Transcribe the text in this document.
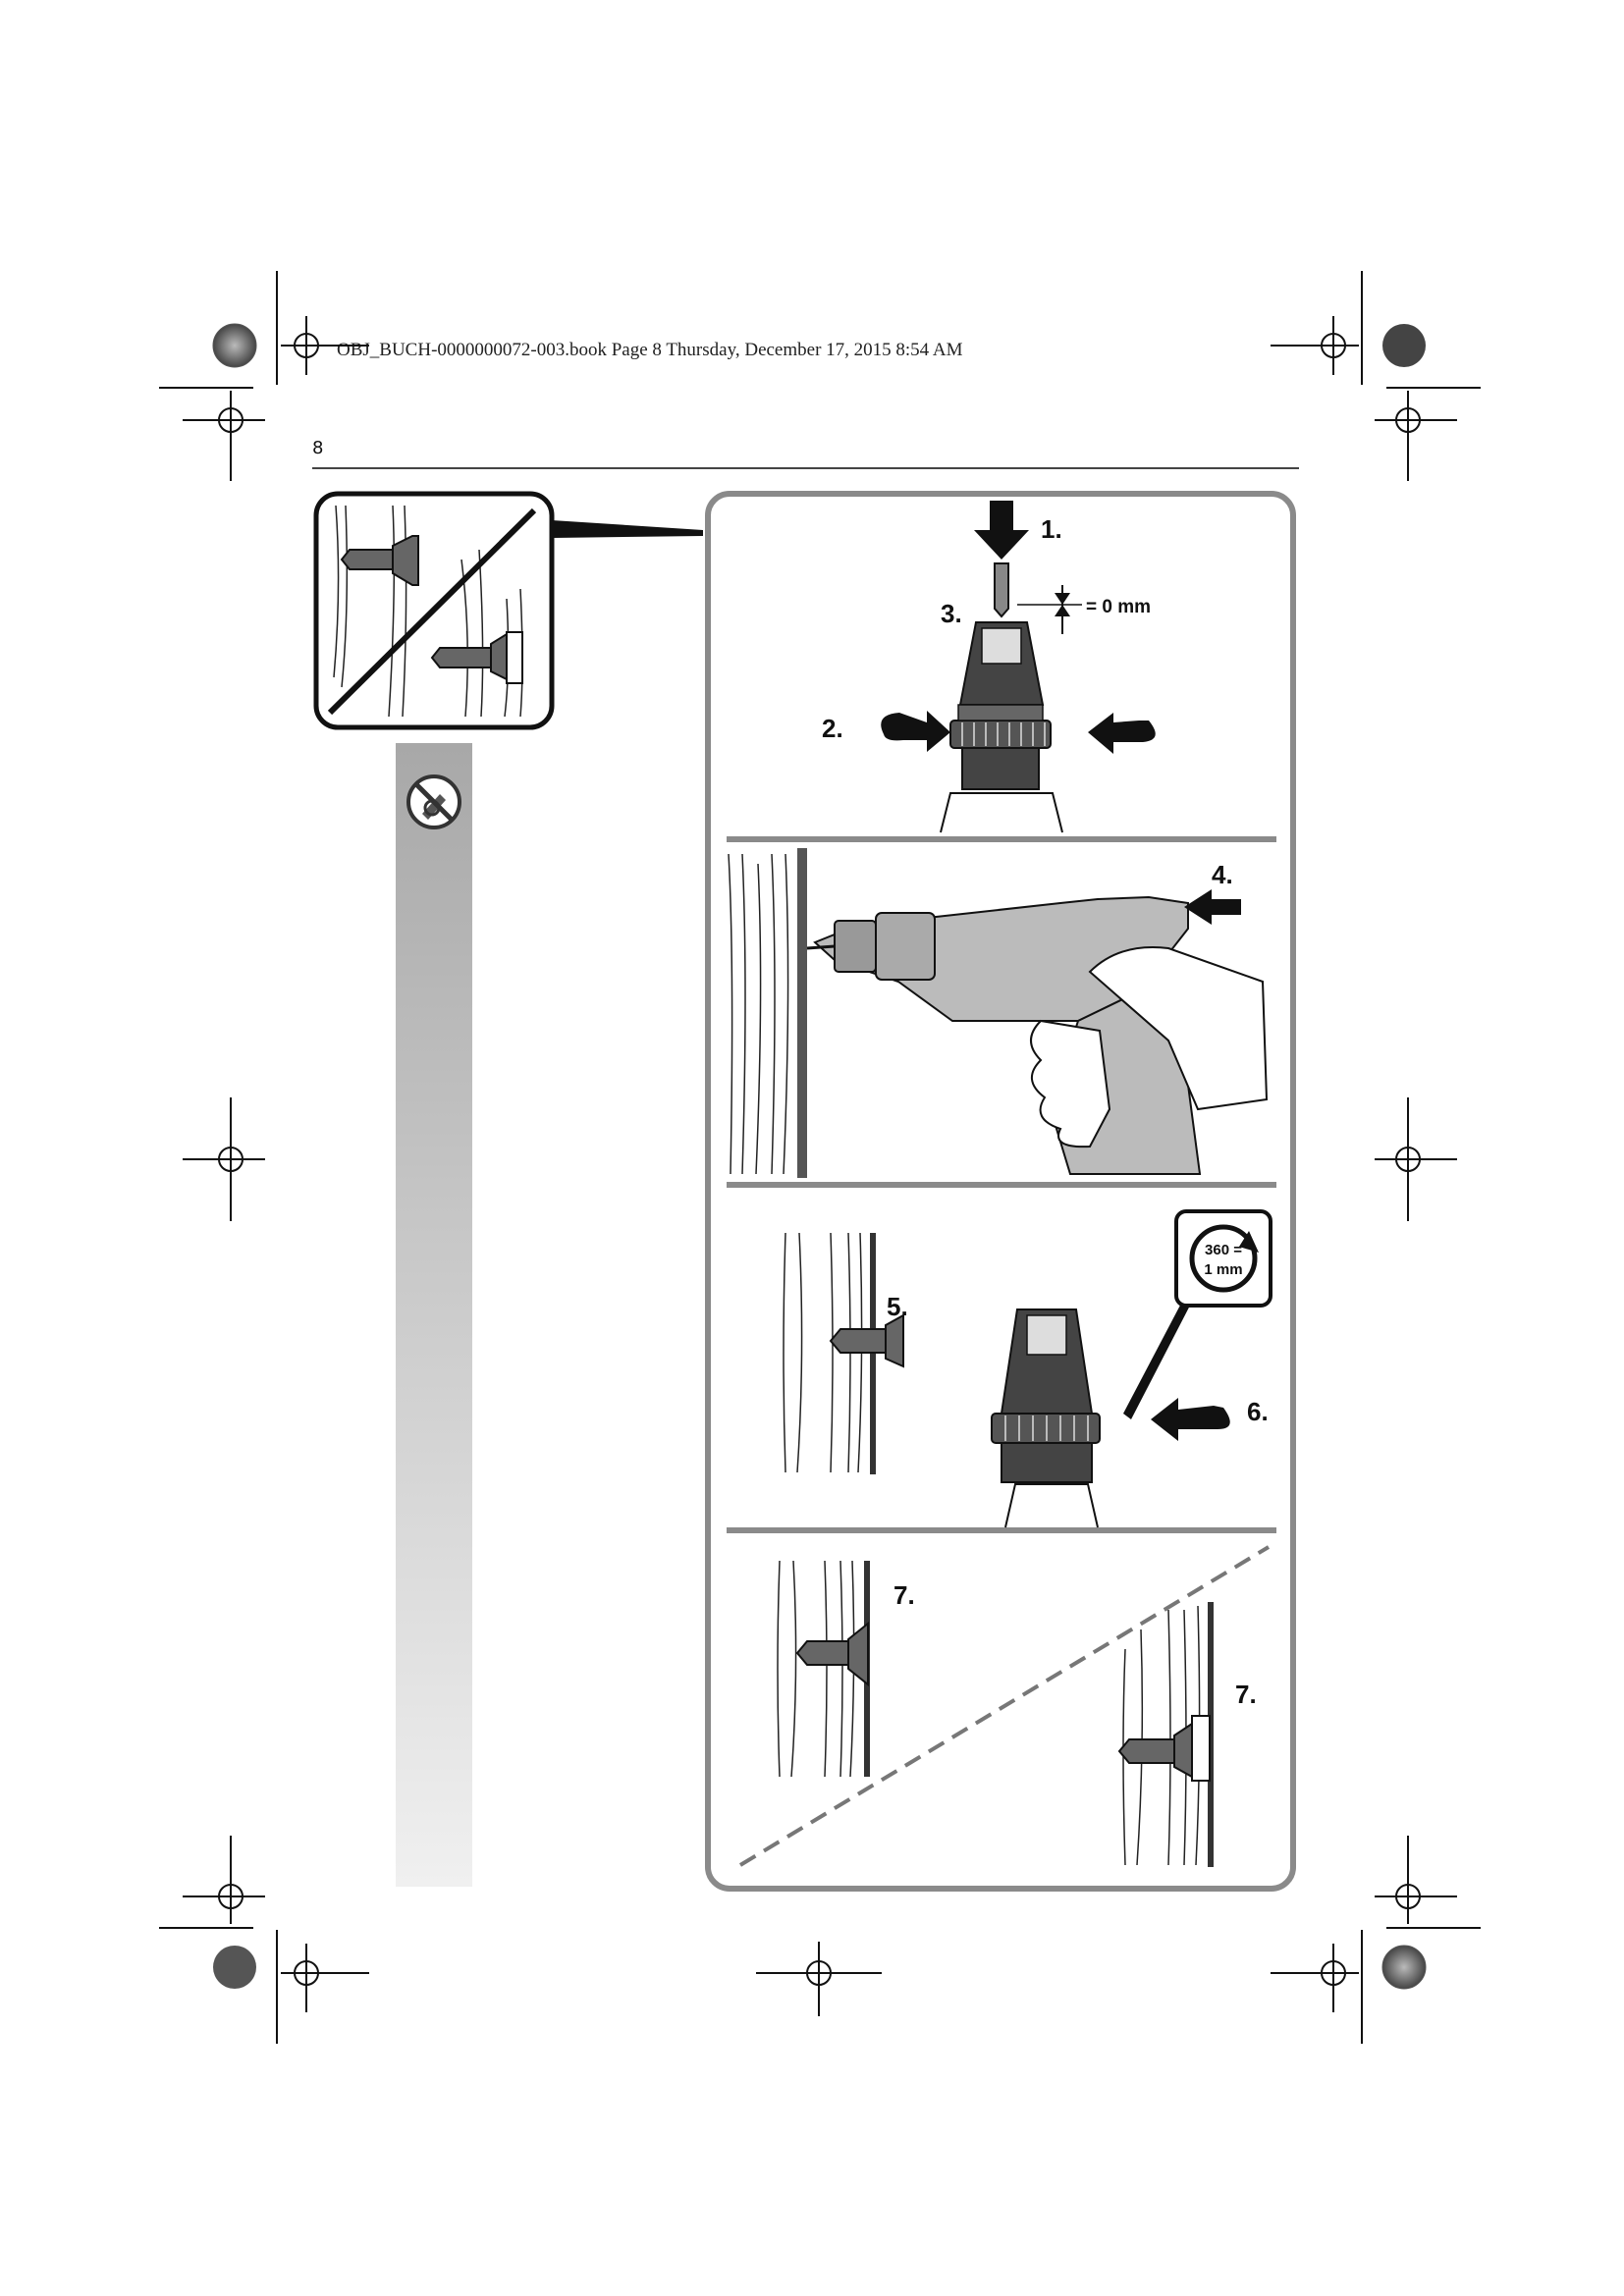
OBJ_BUCH-0000000072-003.book Page 8 Thursday, December 17, 2015 8:54 AM
8
1.
2.
3.	= 0 mm
4.
5.
6.
360 =
1 mm
7.
7.
